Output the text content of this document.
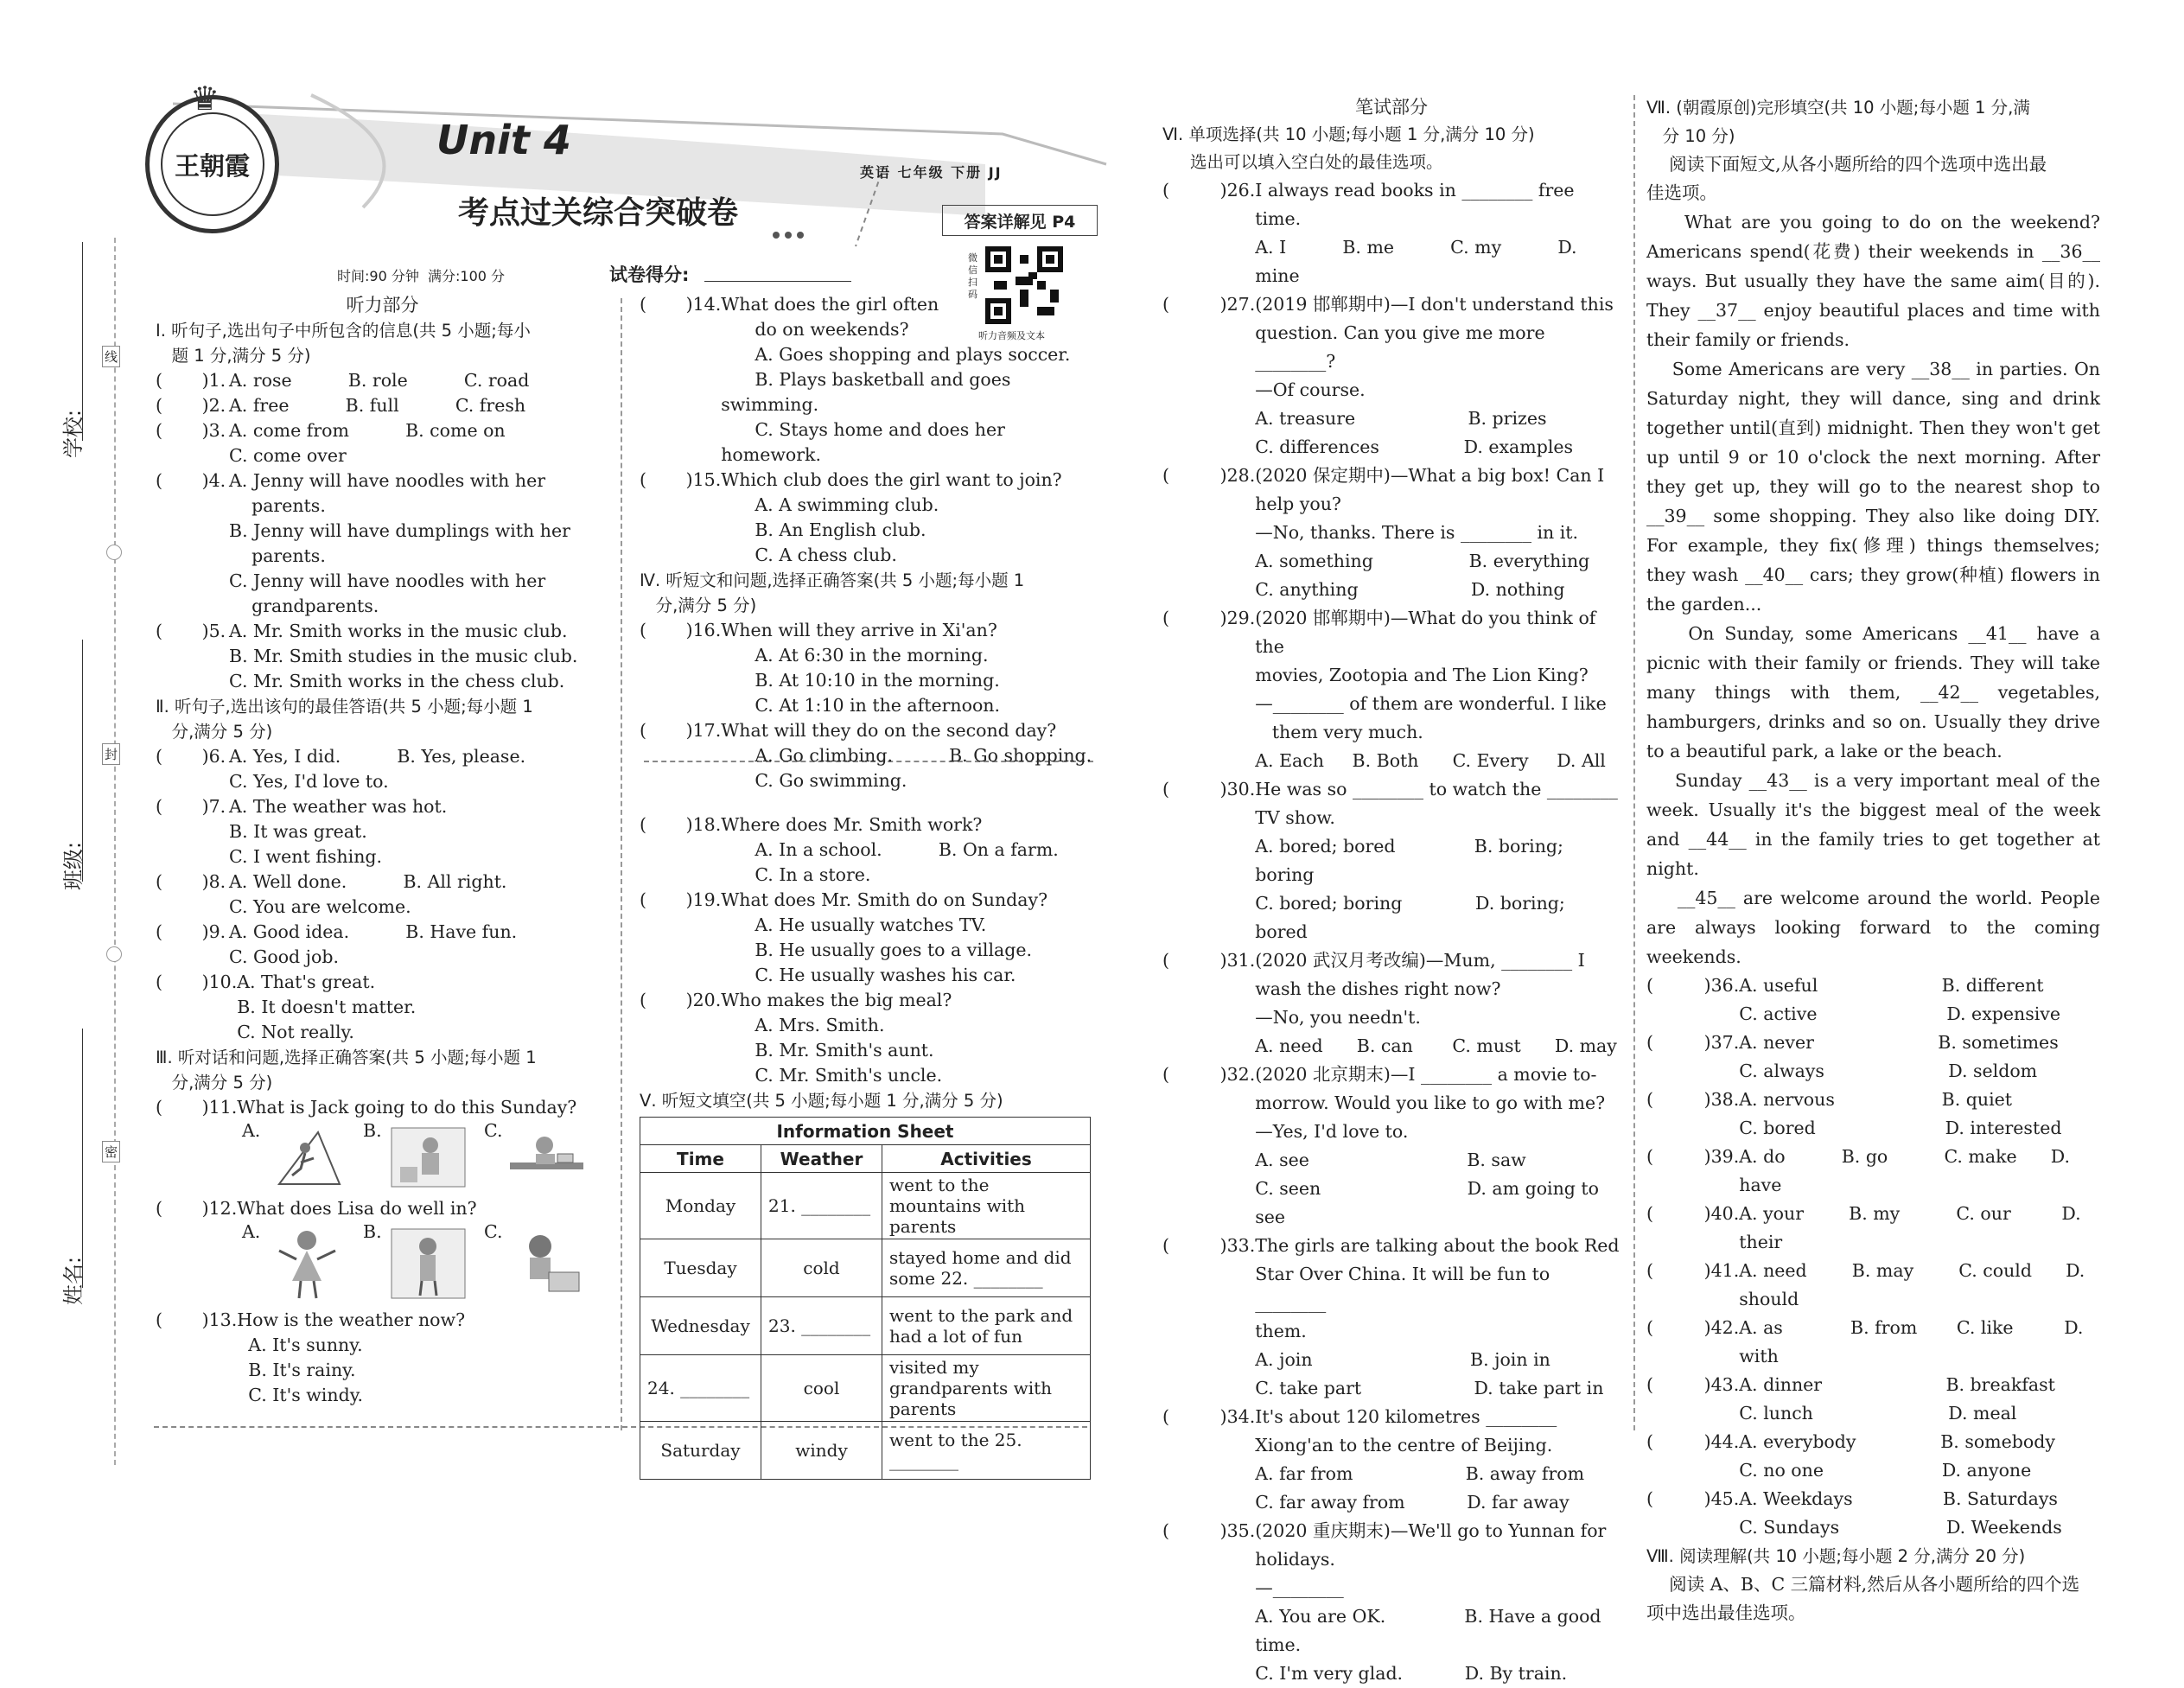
学校:
班级:
姓名:
线
封
密
王朝霞
♛
Unit 4
考点过关综合突破卷
英语 七年级 下册 JJ
答案详解见 P4
微信扫码
听力音频及文本
时间:90 分钟  满分:100 分	试卷得分:
听力部分
Ⅰ. 听句子,选出句子中所包含的信息(共 5 小题;每小
题 1 分,满分 5 分)
(       )1. A. rose          B. role          C. road
(       )2. A. free          B. full          C. fresh
(       )3. A. come from          B. come on
C. come over
(       )4. A. Jenny will have noodles with her
parents.
B. Jenny will have dumplings with her
parents.
C. Jenny will have noodles with her
grandparents.
(       )5. A. Mr. Smith works in the music club.
B. Mr. Smith studies in the music club.
C. Mr. Smith works in the chess club.
Ⅱ. 听句子,选出该句的最佳答语(共 5 小题;每小题 1
分,满分 5 分)
(       )6. A. Yes, I did.          B. Yes, please.
C. Yes, I'd love to.
(       )7. A. The weather was hot.
B. It was great.
C. I went fishing.
(       )8. A. Well done.          B. All right.
C. You are welcome.
(       )9. A. Good idea.          B. Have fun.
C. Good job.
(       )10. A. That's great.
B. It doesn't matter.
C. Not really.
Ⅲ. 听对话和问题,选择正确答案(共 5 小题;每小题 1
分,满分 5 分)
(       )11. What is Jack going to do this Sunday?
A.	B.	C.
(       )12. What does Lisa do well in?
A.	B.	C.
(       )13. How is the weather now?
A. It's sunny.
B. It's rainy.
C. It's windy.
(       )14. What does the girl often
do on weekends?
A. Goes shopping and plays soccer.
B. Plays basketball and goes swimming.
C. Stays home and does her homework.
(       )15. Which club does the girl want to join?
A. A swimming club.
B. An English club.
C. A chess club.
Ⅳ. 听短文和问题,选择正确答案(共 5 小题;每小题 1
分,满分 5 分)
(       )16. When will they arrive in Xi'an?
A. At 6:30 in the morning.
B. At 10:10 in the morning.
C. At 1:10 in the afternoon.
(       )17. What will they do on the second day?
A. Go climbing.          B. Go shopping.
C. Go swimming.
(       )18. Where does Mr. Smith work?
A. In a school.          B. On a farm.
C. In a store.
(       )19. What does Mr. Smith do on Sunday?
A. He usually watches TV.
B. He usually goes to a village.
C. He usually washes his car.
(       )20. Who makes the big meal?
A. Mrs. Smith.
B. Mr. Smith's aunt.
C. Mr. Smith's uncle.
Ⅴ. 听短文填空(共 5 小题;每小题 1 分,满分 5 分)
Information Sheet		
Time	Weather	Activities
Monday	21. ________	went to the mountains with parents
Tuesday	cold	stayed home and did some 22. ________
Wednesday	23. ________	went to the park and had a lot of fun
24. ________	cool	visited my grandparents with parents
Saturday	windy	went to the 25. ________
笔试部分
Ⅵ. 单项选择(共 10 小题;每小题 1 分,满分 10 分)
选出可以填入空白处的最佳选项。
(         )26. I always read books in ________ free time.
A. I          B. me          C. my          D. mine
(         )27. (2019 邯郸期中)—I don't understand this
question. Can you give me more ________?
—Of course.
A. treasure                    B. prizes
C. differences               D. examples
(         )28. (2020 保定期中)—What a big box! Can I
help you?
—No, thanks. There is ________ in it.
A. something                 B. everything
C. anything                    D. nothing
(         )29. (2020 邯郸期中)—What do you think of the
movies, Zootopia and The Lion King?
—________ of them are wonderful. I like
them very much.
A. Each     B. Both      C. Every     D. All
(         )30. He was so ________ to watch the ________
TV show.
A. bored; bored              B. boring; boring
C. bored; boring             D. boring; bored
(         )31. (2020 武汉月考改编)—Mum, ________ I
wash the dishes right now?
—No, you needn't.
A. need      B. can       C. must      D. may
(         )32. (2020 北京期末)—I ________ a movie to-
morrow. Would you like to go with me?
—Yes, I'd love to.
A. see                            B. saw
C. seen                          D. am going to see
(         )33. The girls are talking about the book Red
Star Over China. It will be fun to ________
them.
A. join                            B. join in
C. take part                    D. take part in
(         )34. It's about 120 kilometres ________
Xiong'an to the centre of Beijing.
A. far from                    B. away from
C. far away from           D. far away
(         )35. (2020 重庆期末)—We'll go to Yunnan for
holidays.
—________
A. You are OK.              B. Have a good time.
C. I'm very glad.           D. By train.
Ⅶ. (朝霞原创)完形填空(共 10 小题;每小题 1 分,满
分 10 分)
阅读下面短文,从各小题所给的四个选项中选出最
佳选项。
What are you going to do on the weekend? Americans spend(花费) their weekends in __36__ ways. But usually they have the same aim(目的). They __37__ enjoy beautiful places and time with their family or friends.
Some Americans are very __38__ in parties. On Saturday night, they will dance, sing and drink together until(直到) midnight. Then they won't get up until 9 or 10 o'clock the next morning. After they get up, they will go to the nearest shop to __39__ some shopping. They also like doing DIY. For example, they fix(修理) things themselves; they wash __40__ cars; they grow(种植) flowers in the garden...
On Sunday, some Americans __41__ have a picnic with their family or friends. They will take many things with them, __42__ vegetables, hamburgers, drinks and so on. Usually they drive to a beautiful park, a lake or the beach.
Sunday __43__ is a very important meal of the week. Usually it's the biggest meal of the week and __44__ in the family tries to get together at night.
__45__ are welcome around the world. People are always looking forward to the coming weekends.
(         )36. A. useful                      B. different
C. active                       D. expensive
(         )37. A. never                      B. sometimes
C. always                      D. seldom
(         )38. A. nervous                   B. quiet
C. bored                       D. interested
(         )39. A. do          B. go          C. make      D. have
(         )40. A. your        B. my          C. our         D. their
(         )41. A. need        B. may        C. could      D. should
(         )42. A. as            B. from       C. like         D. with
(         )43. A. dinner                      B. breakfast
C. lunch                        D. meal
(         )44. A. everybody               B. somebody
C. no one                     D. anyone
(         )45. A. Weekdays                B. Saturdays
C. Sundays                   D. Weekends
Ⅷ. 阅读理解(共 10 小题;每小题 2 分,满分 20 分)
阅读 A、B、C 三篇材料,然后从各小题所给的四个选
项中选出最佳选项。
